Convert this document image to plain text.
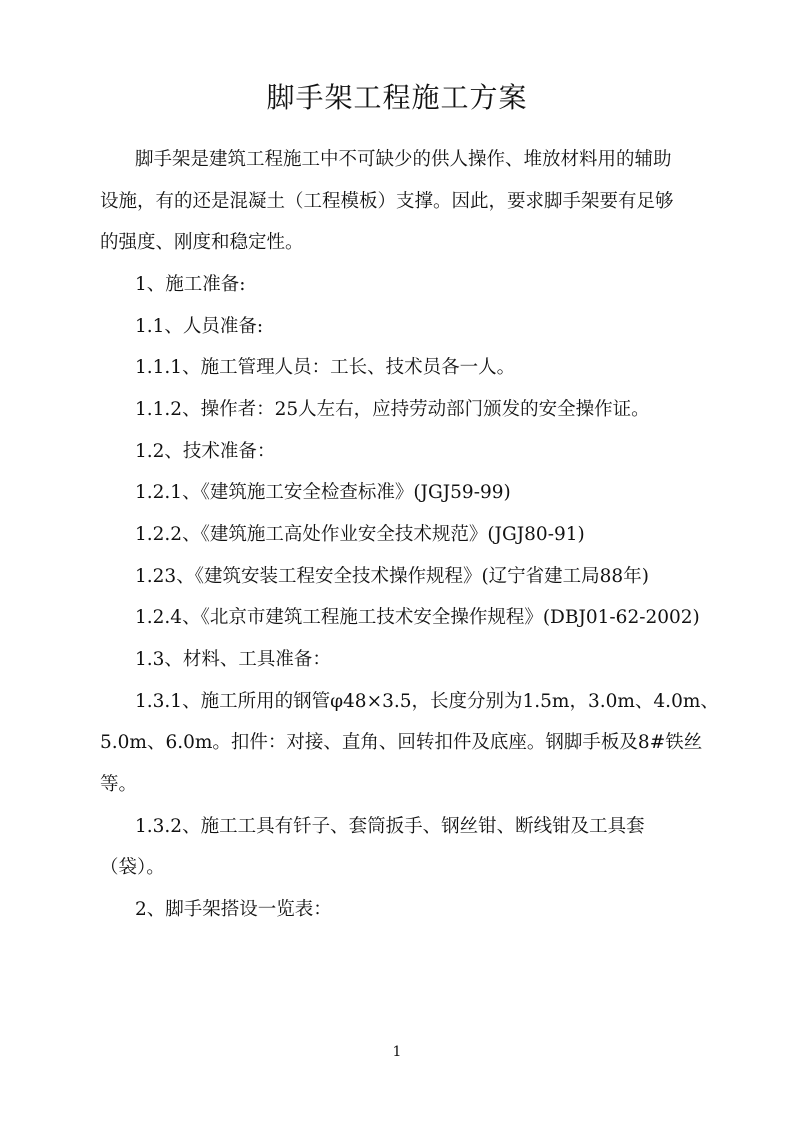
脚手架工程施工方案
脚手架是建筑工程施工中不可缺少的供人操作、堆放材料用的辅助
设施，有的还是混凝土（工程模板）支撑。因此，要求脚手架要有足够
的强度、刚度和稳定性。
1、施工准备:
1.1、人员准备:
1.1.1、施工管理人员：工长、技术员各一人。
1.1.2、操作者：25人左右，应持劳动部门颁发的安全操作证。
1.2、技术准备：
1.2.1、《建筑施工安全检查标准》(JGJ59-99)
1.2.2、《建筑施工高处作业安全技术规范》(JGJ80-91)
1.23、《建筑安装工程安全技术操作规程》(辽宁省建工局88年)
1.2.4、《北京市建筑工程施工技术安全操作规程》(DBJ01-62-2002)
1.3、材料、工具准备：
1.3.1、施工所用的钢管φ48×3.5，长度分别为1.5m，3.0m、4.0m、
5.0m、6.0m。扣件：对接、直角、回转扣件及底座。钢脚手板及8#铁丝
等。
1.3.2、施工工具有钎子、套筒扳手、钢丝钳、断线钳及工具套
（袋）。
2、脚手架搭设一览表：
1
